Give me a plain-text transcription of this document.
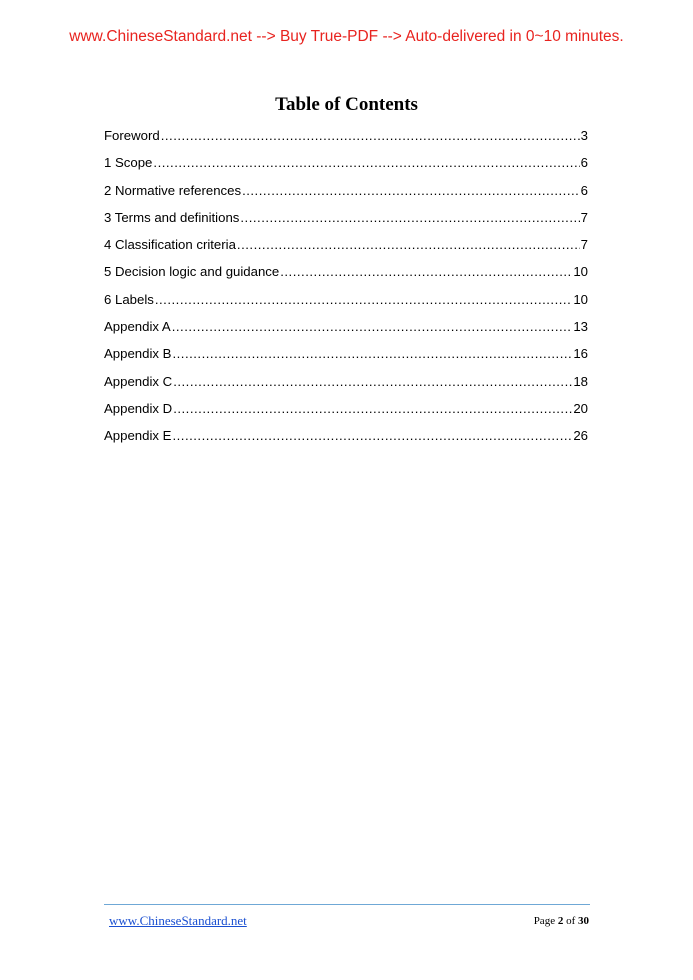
www.ChineseStandard.net --> Buy True-PDF --> Auto-delivered in 0~10 minutes.
Table of Contents
Foreword .....	3
1 Scope .....	6
2 Normative references .....	6
3 Terms and definitions .....	7
4 Classification criteria .....	7
5 Decision logic and guidance .....	10
6 Labels .....	10
Appendix A .....	13
Appendix B .....	16
Appendix C .....	18
Appendix D .....	20
Appendix E .....	26
www.ChineseStandard.net	Page 2 of 30
